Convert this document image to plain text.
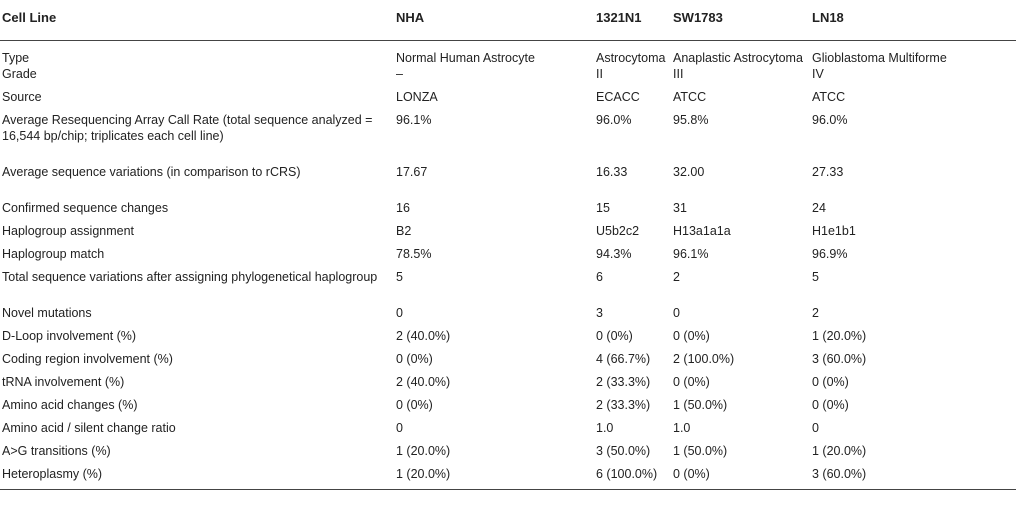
Cell Line	NHA	1321N1	SW1783	LN18
Type	Normal Human Astrocyte	Astrocytoma	Anaplastic Astrocytoma	Glioblastoma Multiforme
Grade	–	II	III	IV
Source	LONZA	ECACC	ATCC	ATCC
Average Resequencing Array Call Rate (total sequence analyzed = 16,544 bp/chip; triplicates each cell line)	96.1%	96.0%	95.8%	96.0%
Average sequence variations (in comparison to rCRS)	17.67	16.33	32.00	27.33
Confirmed sequence changes	16	15	31	24
Haplogroup assignment	B2	U5b2c2	H13a1a1a	H1e1b1
Haplogroup match	78.5%	94.3%	96.1%	96.9%
Total sequence variations after assigning phylogenetical haplogroup	5	6	2	5
Novel mutations	0	3	0	2
D-Loop involvement (%)	2 (40.0%)	0 (0%)	0 (0%)	1 (20.0%)
Coding region involvement (%)	0 (0%)	4 (66.7%)	2 (100.0%)	3 (60.0%)
tRNA involvement (%)	2 (40.0%)	2 (33.3%)	0 (0%)	0 (0%)
Amino acid changes (%)	0 (0%)	2 (33.3%)	1 (50.0%)	0 (0%)
Amino acid / silent change ratio	0	1.0	1.0	0
A>G transitions (%)	1 (20.0%)	3 (50.0%)	1 (50.0%)	1 (20.0%)
Heteroplasmy (%)	1 (20.0%)	6 (100.0%)	0 (0%)	3 (60.0%)
